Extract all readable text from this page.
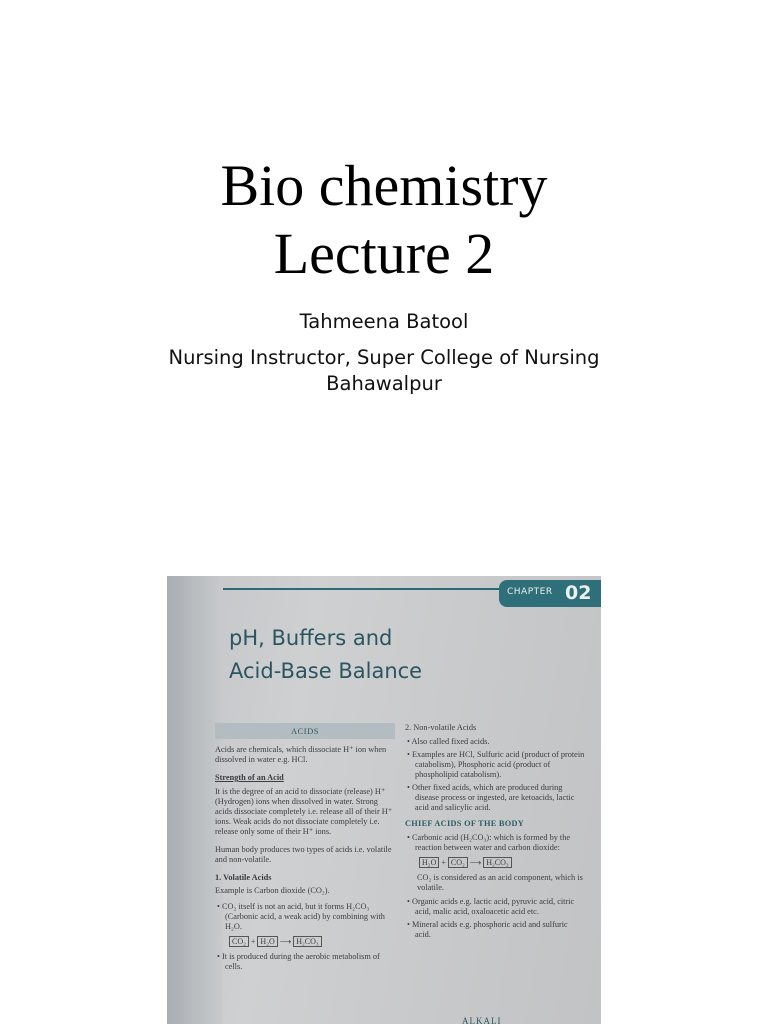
Bio chemistry
Lecture 2
Tahmeena Batool
Nursing Instructor, Super College of Nursing
Bahawalpur
CHAPTER 02
pH, Buffers and
Acid-Base Balance
ACIDS
Acids are chemicals, which dissociate H⁺ ion when dissolved in water e.g. HCl.
Strength of an Acid
It is the degree of an acid to dissociate (release) H⁺ (Hydrogen) ions when dissolved in water. Strong acids dissociate completely i.e. release all of their H⁺ ions. Weak acids do not dissociate completely i.e. release only some of their H⁺ ions.
Human body produces two types of acids i.e. volatile and non-volatile.
1. Volatile Acids
Example is Carbon dioxide (CO₂).
• CO₂ itself is not an acid, but it forms H₂CO₃ (Carbonic acid, a weak acid) by combining with H₂O.
CO₂ + H₂O ⟶ H₂CO₃
• It is produced during the aerobic metabolism of cells.
2. Non-volatile Acids
• Also called fixed acids.
• Examples are HCl, Sulfuric acid (product of protein catabolism), Phosphoric acid (product of phospholipid catabolism).
• Other fixed acids, which are produced during disease process or ingested, are ketoacids, lactic acid and salicylic acid.
CHIEF ACIDS OF THE BODY
• Carbonic acid (H₂CO₃): which is formed by the reaction between water and carbon dioxide:
H₂O + CO₂ ⟶ H₂CO₃
CO₂ is considered as an acid component, which is volatile.
• Organic acids e.g. lactic acid, pyruvic acid, citric acid, malic acid, oxaloacetic acid etc.
• Mineral acids e.g. phosphoric acid and sulfuric acid.
ALKALI
